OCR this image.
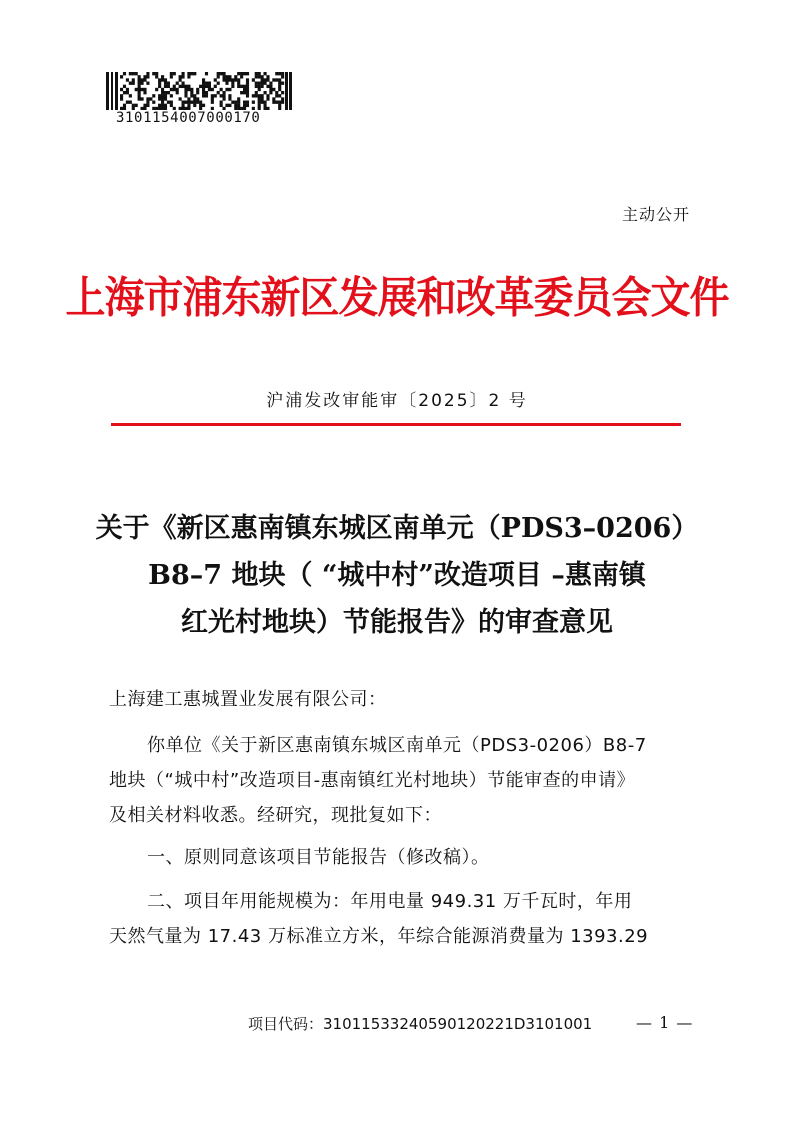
3101154007000170
主动公开
上海市浦东新区发展和改革委员会文件
沪浦发改审能审〔2025〕2 号
关于《新区惠南镇东城区南单元（PDS3–0206）
B8–7 地块（ “城中村”改造项目 –惠南镇
红光村地块）节能报告》的审查意见
上海建工惠城置业发展有限公司：
你单位《关于新区惠南镇东城区南单元（PDS3-0206）B8-7
地块（“城中村”改造项目-惠南镇红光村地块）节能审查的申请》
及相关材料收悉。经研究，现批复如下：
一、原则同意该项目节能报告（修改稿）。
二、项目年用能规模为：年用电量 949.31 万千瓦时，年用
天然气量为 17.43 万标准立方米，年综合能源消费量为 1393.29
项目代码：31011533240590120221D3101001	— 1 —
